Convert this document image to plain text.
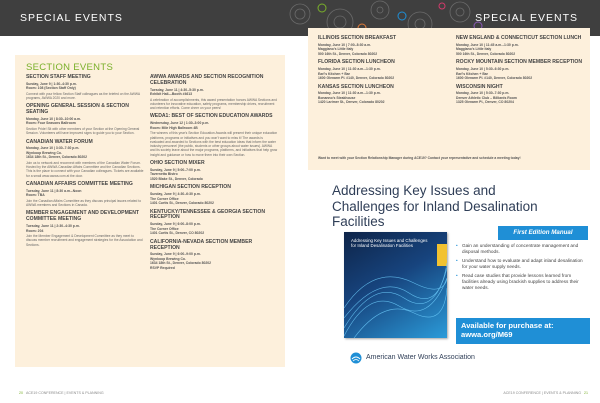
SPECIAL EVENTS	SPECIAL EVENTS
SECTION EVENTS
SECTION STAFF MEETING
Sunday, June 9 | 1:30–4:30 p.m.
Room: 108 (Section Staff Only)
Connect with your fellow Section Staff colleagues as the briefed on the AWWA programs, AWWA 2020 and more.
OPENING GENERAL SESSION & SECTION SEATING
Monday, June 10 | 8:30–10:00 a.m.
Room: Four Seasons Ballroom
Section Pride! Sit with other members of your Section at the Opening General Session. Volunteers will have improved signs to guide you to your Section.
CANADIAN WATER FORUM
Monday, June 10 | 3:30–7:30 p.m.
Wynkoop Brewing Co.
1634 18th St., Denver, Colorado 80202
Join us to network and reconnect with members of the Canadian Water Forum. Hosted by the AWWA Canadian Affairs Committee and the Canadian Sections. This is the place to connect with your Canadian colleagues. Tickets are available for a small www.awwa.com at the door.
CANADIAN AFFAIRS COMMITTEE MEETING
Tuesday, June 11 | 8:30 a.m.–Noon
Room: TBA
Join the Canadian Affairs Committee as they discuss principal issues related to AWWA members and Sections in Canada.
MEMBER ENGAGEMENT AND DEVELOPMENT COMMITTEE MEETING
Tuesday, June 11 | 2:30–4:30 p.m.
Room: 204
Join the Member Engagement & Development Committee as they meet to discuss member recruitment and engagement strategies for the Association and Sections.
AWWA AWARDS AND SECTION RECOGNITION CELEBRATION
Tuesday, June 11 | 4:30–5:30 p.m.
Exhibit Hall—Booth #4613
A celebration of accomplishments, this award presentation honors AWWA Sections and volunteers for innovative education, safety programs, membership drives, recruitment and retention efforts. Come cheer on your peers!
WEDA1: BEST OF SECTION EDUCATION AWARDS
Wednesday, June 12 | 1:30–3:00 p.m.
Room: Mile High Ballroom 4B
The winners of this year's Section Education Awards will present their unique education platforms, programs or initiatives and you won't want to miss it! The awards is evaluated and awarded to Sections with the best education ideas that inform the water industry personnel (the public, students or other groups about water issues). AWWA and its society leave about the major programs, platforms, and initiatives that help grow insight and guidance or how to move them into their own Section.
OHIO SECTION MIXER
Sunday, June 9 | 5:00–7:00 p.m.
Tavernetta Bistro
1520 Blake St., Denver, Colorado
MICHIGAN SECTION RECEPTION
Sunday, June 9 | 4:30–6:30 p.m.
The Corner Office
1401 Curtis St., Denver, Colorado 80202
KENTUCKY/TENNESSEE & GEORGIA SECTION RECEPTION
Sunday, June 9 | 6:00–8:00 p.m.
The Corner Office
1401 Curtis St., Denver, CO 80202
CALIFORNIA-NEVADA SECTION MEMBER RECEPTION
Sunday, June 9 | 6:00–9:00 p.m.
Wynkoop Brewing Co.
1634 18th St., Denver, Colorado 80202
RSVP Required
ILLINOIS SECTION BREAKFAST
Monday, June 10 | 7:00–8:30 a.m.
Maggiano's Little Italy
500 16th St., Denver, Colorado 80202
FLORIDA SECTION LUNCHEON
Monday, June 10 | 11:30 a.m.–1:30 p.m.
Earl's Kitchen + Bar
1600 Glenarm Pl. #140, Denver, Colorado 80202
KANSAS SECTION LUNCHEON
Monday, June 10 | 11:30 a.m.–1:30 p.m.
Bonanno's Steakhouse
1420 Larimer St., Denver, Colorado 80202
NEW ENGLAND & CONNECTICUT SECTION LUNCH
Monday, June 10 | 11:45 a.m.–1:30 p.m.
Maggiano's Little Italy
500 16th St., Denver, Colorado 80202
ROCKY MOUNTAIN SECTION MEMBER RECEPTION
Monday, June 10 | 5:30–6:30 p.m.
Earl's Kitchen + Bar
1600 Glenarm Pl. #140, Denver, Colorado 80202
WISCONSIN NIGHT
Monday, June 10 | 5:30–7:30 p.m.
Denver Athletic Club – Billiards Room
1325 Glenarm Pl., Denver, CO 80204
Want to meet with your Section Relationship Manager during ACE19? Contact your representative and schedule a meeting today!
Addressing Key Issues and Challenges for Inland Desalination Facilities
Addressing Key Issues and Challenges for Inland Desalination Facilities
First Edition Manual
• Gain an understanding of concentrate management and disposal methods.
• Understand how to evaluate and adapt inland desalination for your water supply needs.
• Read case studies that provide lessons learned from facilities already using brackish supplies to address their water needs.
Available for purchase at:
awwa.org/M69
American Water Works Association
20 ACE19 CONFERENCE | EVENTS & PLANNING	ACE19 CONFERENCE | EVENTS & PLANNING 21
